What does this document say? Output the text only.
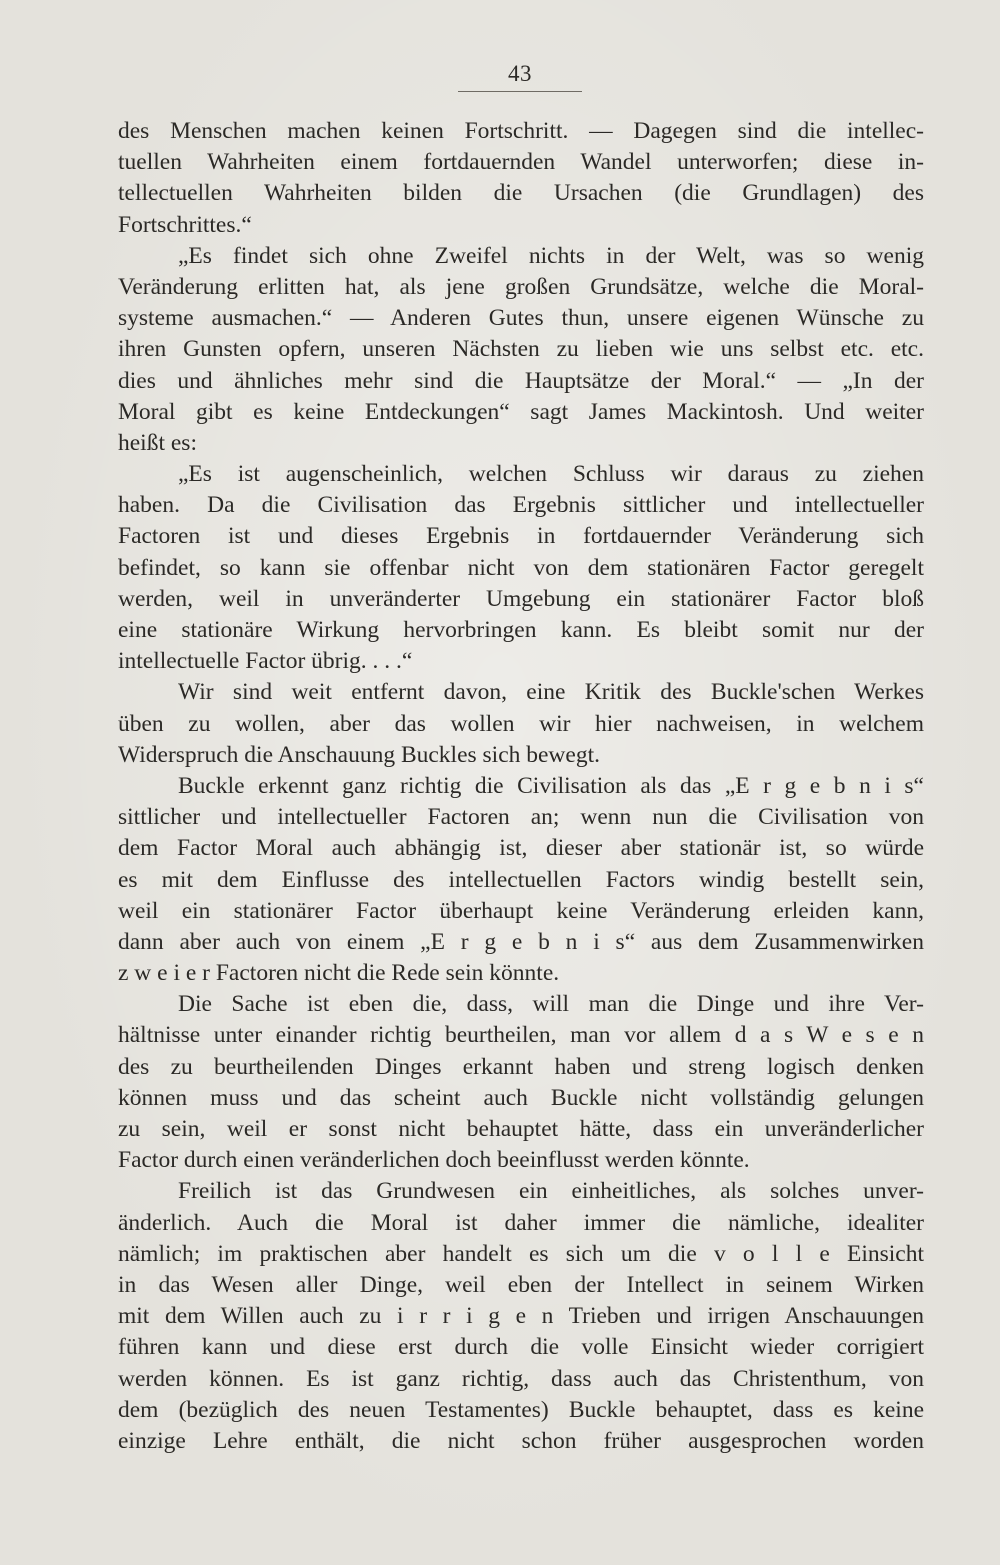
43
des Menschen machen keinen Fortschritt. — Dagegen sind die intellec-
tuellen Wahrheiten einem fortdauernden Wandel unterworfen; diese in-
tellectuellen Wahrheiten bilden die Ursachen (die Grundlagen) des
Fortschrittes.“
„Es findet sich ohne Zweifel nichts in der Welt, was so wenig
Veränderung erlitten hat, als jene großen Grundsätze, welche die Moral-
systeme ausmachen.“ — Anderen Gutes thun, unsere eigenen Wünsche zu
ihren Gunsten opfern, unseren Nächsten zu lieben wie uns selbst etc. etc.
dies und ähnliches mehr sind die Hauptsätze der Moral.“ — „In der
Moral gibt es keine Entdeckungen“ sagt James Mackintosh. Und weiter
heißt es:
„Es ist augenscheinlich, welchen Schluss wir daraus zu ziehen
haben. Da die Civilisation das Ergebnis sittlicher und intellectueller
Factoren ist und dieses Ergebnis in fortdauernder Veränderung sich
befindet, so kann sie offenbar nicht von dem stationären Factor geregelt
werden, weil in unveränderter Umgebung ein stationärer Factor bloß
eine stationäre Wirkung hervorbringen kann. Es bleibt somit nur der
intellectuelle Factor übrig. . . .“
Wir sind weit entfernt davon, eine Kritik des Buckle'schen Werkes
üben zu wollen, aber das wollen wir hier nachweisen, in welchem
Widerspruch die Anschauung Buckles sich bewegt.
Buckle erkennt ganz richtig die Civilisation als das „E r g e b n i s“
sittlicher und intellectueller Factoren an; wenn nun die Civilisation von
dem Factor Moral auch abhängig ist, dieser aber stationär ist, so würde
es mit dem Einflusse des intellectuellen Factors windig bestellt sein,
weil ein stationärer Factor überhaupt keine Veränderung erleiden kann,
dann aber auch von einem „E r g e b n i s“ aus dem Zusammenwirken
z w e i e r Factoren nicht die Rede sein könnte.
Die Sache ist eben die, dass, will man die Dinge und ihre Ver-
hältnisse unter einander richtig beurtheilen, man vor allem d a s W e s e n
des zu beurtheilenden Dinges erkannt haben und streng logisch denken
können muss und das scheint auch Buckle nicht vollständig gelungen
zu sein, weil er sonst nicht behauptet hätte, dass ein unveränderlicher
Factor durch einen veränderlichen doch beeinflusst werden könnte.
Freilich ist das Grundwesen ein einheitliches, als solches unver-
änderlich. Auch die Moral ist daher immer die nämliche, idealiter
nämlich; im praktischen aber handelt es sich um die v o l l e Einsicht
in das Wesen aller Dinge, weil eben der Intellect in seinem Wirken
mit dem Willen auch zu i r r i g e n Trieben und irrigen Anschauungen
führen kann und diese erst durch die volle Einsicht wieder corrigiert
werden können. Es ist ganz richtig, dass auch das Christenthum, von
dem (bezüglich des neuen Testamentes) Buckle behauptet, dass es keine
einzige Lehre enthält, die nicht schon früher ausgesprochen worden
